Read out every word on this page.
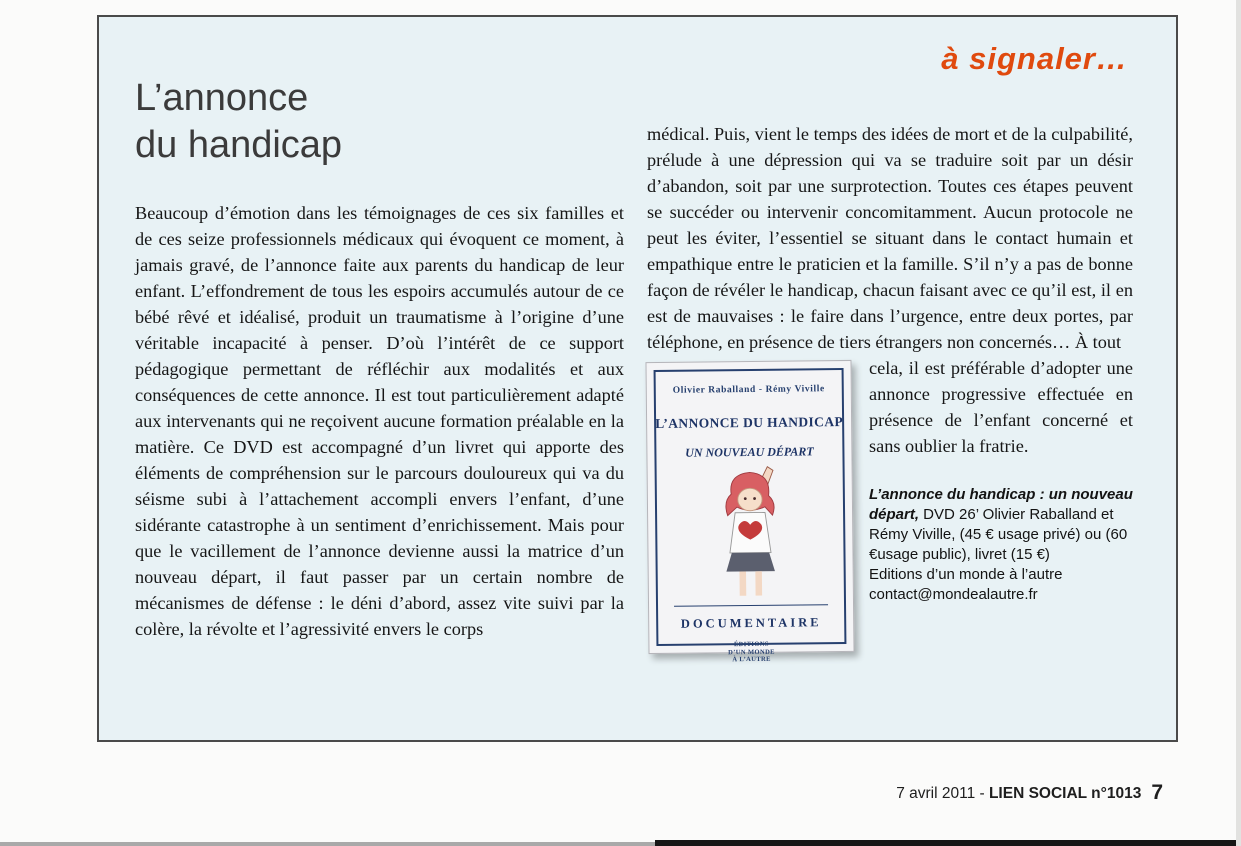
à signaler…
L’annonce
du handicap
Beaucoup d’émotion dans les témoignages de ces six familles et de ces seize professionnels médicaux qui évoquent ce moment, à jamais gravé, de l’annonce faite aux parents du handicap de leur enfant. L’effondrement de tous les espoirs accumulés autour de ce bébé rêvé et idéalisé, produit un traumatisme à l’origine d’une véritable incapacité à penser. D’où l’intérêt de ce support pédagogique permettant de réfléchir aux modalités et aux conséquences de cette annonce. Il est tout particulièrement adapté aux intervenants qui ne reçoivent aucune formation préalable en la matière. Ce DVD est accompagné d’un livret qui apporte des éléments de compréhension sur le parcours douloureux qui va du séisme subi à l’attachement accompli envers l’enfant, d’une sidérante catastrophe à un sentiment d’enrichissement. Mais pour que le vacillement de l’annonce devienne aussi la matrice d’un nouveau départ, il faut passer par un certain nombre de mécanismes de défense : le déni d’abord, assez vite suivi par la colère, la révolte et l’agressivité envers le corps

médical. Puis, vient le temps des idées de mort et de la culpabilité, prélude à une dépression qui va se traduire soit par un désir d’abandon, soit par une surprotection. Toutes ces étapes peuvent se succéder ou intervenir concomitamment. Aucun protocole ne peut les éviter, l’essentiel se situant dans le contact humain et empathique entre le praticien et la famille. S’il n’y a pas de bonne façon de révéler le handicap, chacun faisant avec ce qu’il est, il en est de mauvaises : le faire dans l’urgence, entre deux portes, par téléphone, en présence de tiers étrangers non concernés… À tout

Olivier Raballand - Rémy Viville
L’ANNONCE DU HANDICAP
UN NOUVEAU DÉPART
DOCUMENTAIRE
ÉDITIONS
D’UN MONDE
À L’AUTRE

cela, il est préférable d’adopter une annonce progressive effectuée en présence de l’enfant concerné et sans oublier la fratrie.

L’annonce du handicap : un nouveau départ, DVD 26’ Olivier Raballand et Rémy Viville, (45 € usage privé) ou (60 €usage public), livret (15 €)

Editions d’un monde à l’autre
contact@mondealautre.fr
7 avril 2011 - LIEN SOCIAL n°1013 7
